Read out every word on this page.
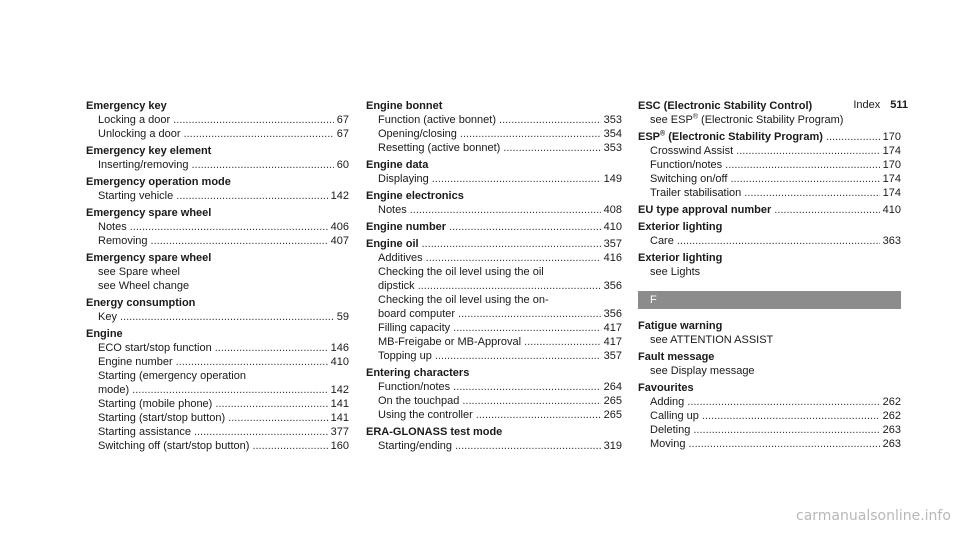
Index 511
Emergency key
Locking a door .....	67
Unlocking a door .....	67
Emergency key element
Inserting/removing .....	60
Emergency operation mode
Starting vehicle .....	142
Emergency spare wheel
Notes .....	406
Removing .....	407
Emergency spare wheel
see Spare wheel
see Wheel change
Energy consumption
Key .....	59
Engine
ECO start/stop function .....	146
Engine number .....	410
Starting (emergency operation
mode) .....	142
Starting (mobile phone) .....	141
Starting (start/stop button) .....	141
Starting assistance .....	377
Switching off (start/stop button) .....	160
Engine bonnet
Function (active bonnet) .....	353
Opening/closing .....	354
Resetting (active bonnet) .....	353
Engine data
Displaying .....	149
Engine electronics
Notes .....	408
Engine number .....	410
Engine oil .....	357
Additives .....	416
Checking the oil level using the oil
dipstick .....	356
Checking the oil level using the on-
board computer .....	356
Filling capacity .....	417
MB-Freigabe or MB-Approval .....	417
Topping up .....	357
Entering characters
Function/notes .....	264
On the touchpad .....	265
Using the controller .....	265
ERA-GLONASS test mode
Starting/ending .....	319
ESC (Electronic Stability Control)
see ESP® (Electronic Stability Program)
ESP® (Electronic Stability Program) .....	170
Crosswind Assist .....	174
Function/notes .....	170
Switching on/off .....	174
Trailer stabilisation .....	174
EU type approval number .....	410
Exterior lighting
Care .....	363
Exterior lighting
see Lights
F
Fatigue warning
see ATTENTION ASSIST
Fault message
see Display message
Favourites
Adding .....	262
Calling up .....	262
Deleting .....	263
Moving .....	263
carmanualsonline.info
